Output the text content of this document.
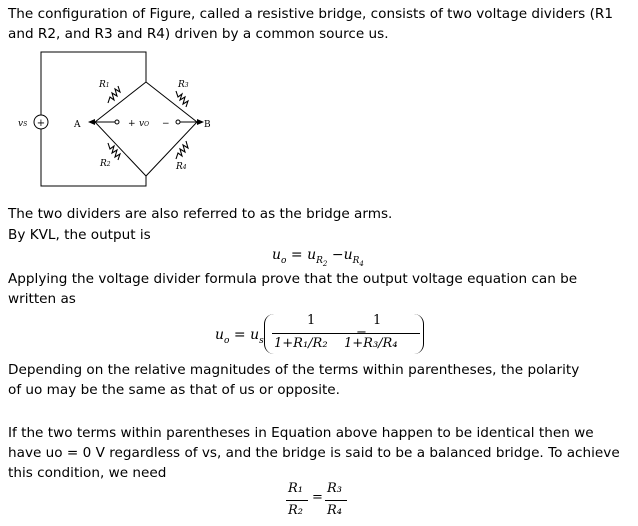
The configuration of Figure, called a resistive bridge, consists of two voltage dividers (R1
and R2, and R3 and R4) driven by a common source us.
+
vS	A	B
+ vO −
R1	R3
R2	R4
The two dividers are also referred to as the bridge arms.
By KVL, the output is
$u_o = u_{R_2} -u_{R_4}$
Applying the voltage divider formula prove that the output voltage equation can be
written as
$u_o = u_s$
1
1+R₁/R₂
−
1
1+R₃/R₄
Depending on the relative magnitudes of the terms within parentheses, the polarity
of uo may be the same as that of us or opposite.
If the two terms within parentheses in Equation above happen to be identical then we
have uo = 0 V regardless of vs, and the bridge is said to be a balanced bridge. To achieve
this condition, we need
R₁
R₂
=
R₃
R₄
